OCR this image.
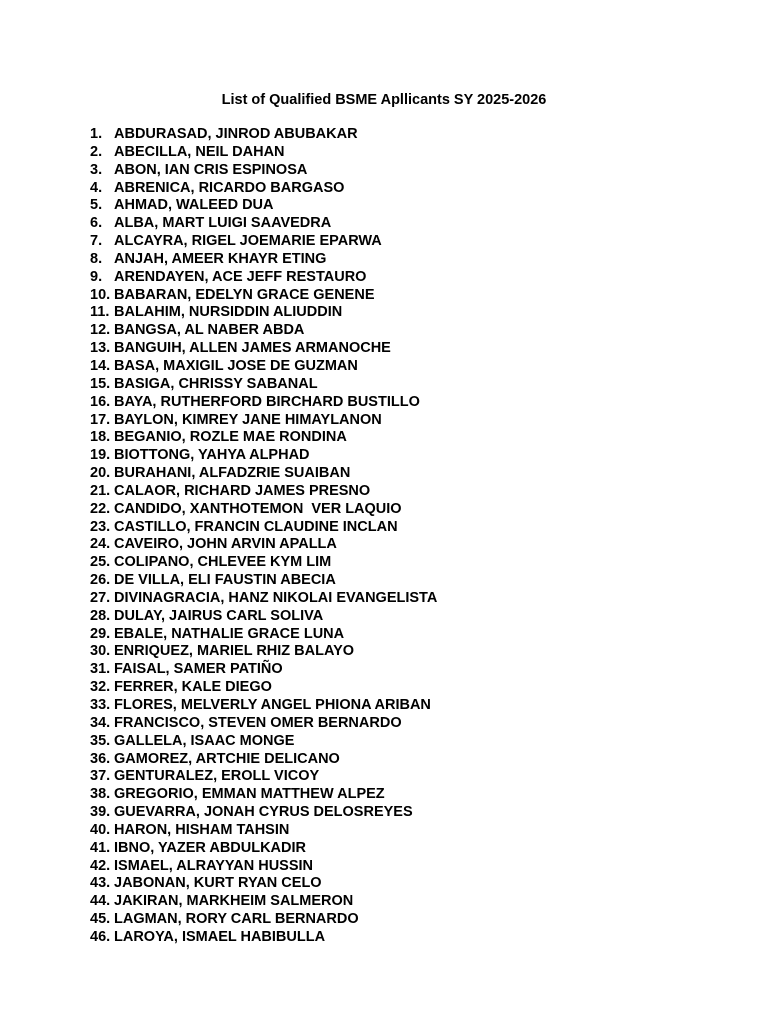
List of Qualified BSME Apllicants SY 2025-2026
1. ABDURASAD, JINROD ABUBAKAR
2. ABECILLA, NEIL DAHAN
3. ABON, IAN CRIS ESPINOSA
4. ABRENICA, RICARDO BARGASO
5. AHMAD, WALEED DUA
6. ALBA, MART LUIGI SAAVEDRA
7. ALCAYRA, RIGEL JOEMARIE EPARWA
8. ANJAH, AMEER KHAYR ETING
9. ARENDAYEN, ACE JEFF RESTAURO
10. BABARAN, EDELYN GRACE GENENE
11. BALAHIM, NURSIDDIN ALIUDDIN
12. BANGSA, AL NABER ABDA
13. BANGUIH, ALLEN JAMES ARMANOCHE
14. BASA, MAXIGIL JOSE DE GUZMAN
15. BASIGA, CHRISSY SABANAL
16. BAYA, RUTHERFORD BIRCHARD BUSTILLO
17. BAYLON, KIMREY JANE HIMAYLANON
18. BEGANIO, ROZLE MAE RONDINA
19. BIOTTONG, YAHYA ALPHAD
20. BURAHANI, ALFADZRIE SUAIBAN
21. CALAOR, RICHARD JAMES PRESNO
22. CANDIDO, XANTHOTEMON  VER LAQUIO
23. CASTILLO, FRANCIN CLAUDINE INCLAN
24. CAVEIRO, JOHN ARVIN APALLA
25. COLIPANO, CHLEVEE KYM LIM
26. DE VILLA, ELI FAUSTIN ABECIA
27. DIVINAGRACIA, HANZ NIKOLAI EVANGELISTA
28. DULAY, JAIRUS CARL SOLIVA
29. EBALE, NATHALIE GRACE LUNA
30. ENRIQUEZ, MARIEL RHIZ BALAYO
31. FAISAL, SAMER PATIÑO
32. FERRER, KALE DIEGO
33. FLORES, MELVERLY ANGEL PHIONA ARIBAN
34. FRANCISCO, STEVEN OMER BERNARDO
35. GALLELA, ISAAC MONGE
36. GAMOREZ, ARTCHIE DELICANO
37. GENTURALEZ, EROLL VICOY
38. GREGORIO, EMMAN MATTHEW ALPEZ
39. GUEVARRA, JONAH CYRUS DELOSREYES
40. HARON, HISHAM TAHSIN
41. IBNO, YAZER ABDULKADIR
42. ISMAEL, ALRAYYAN HUSSIN
43. JABONAN, KURT RYAN CELO
44. JAKIRAN, MARKHEIM SALMERON
45. LAGMAN, RORY CARL BERNARDO
46. LAROYA, ISMAEL HABIBULLA
